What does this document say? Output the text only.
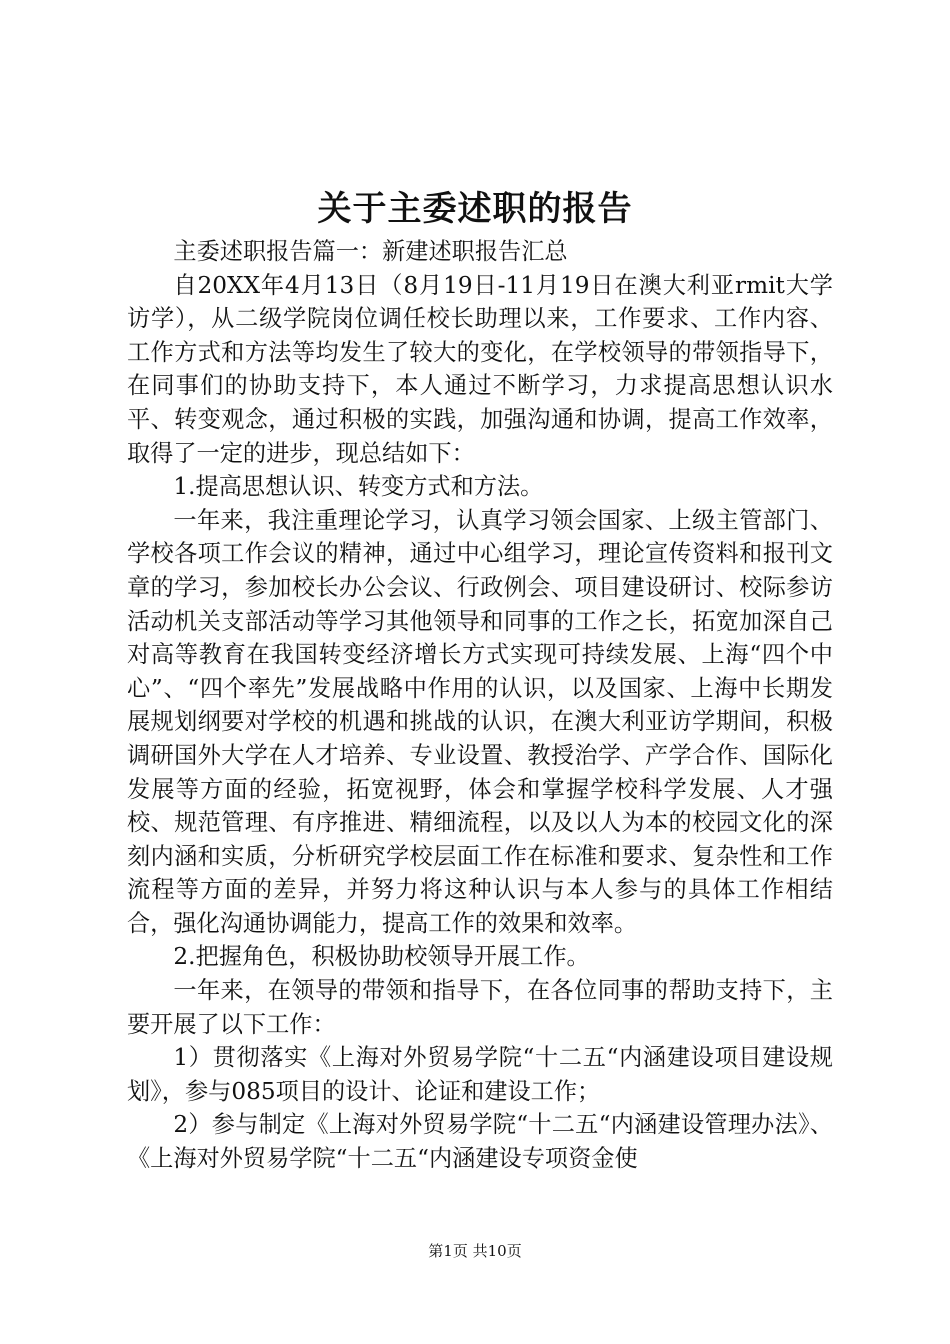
关于主委述职的报告

主委述职报告篇一：新建述职报告汇总

自20XX年4月13日（8月19日-11月19日在澳大利亚rmit大学访学），从二级学院岗位调任校长助理以来，工作要求、工作内容、工作方式和方法等均发生了较大的变化，在学校领导的带领指导下，在同事们的协助支持下，本人通过不断学习，力求提高思想认识水平、转变观念，通过积极的实践，加强沟通和协调，提高工作效率，取得了一定的进步，现总结如下：

1.提高思想认识、转变方式和方法。

一年来，我注重理论学习，认真学习领会国家、上级主管部门、学校各项工作会议的精神，通过中心组学习，理论宣传资料和报刊文章的学习，参加校长办公会议、行政例会、项目建设研讨、校际参访活动机关支部活动等学习其他领导和同事的工作之长，拓宽加深自己对高等教育在我国转变经济增长方式实现可持续发展、上海“四个中心”、“四个率先”发展战略中作用的认识，以及国家、上海中长期发展规划纲要对学校的机遇和挑战的认识，在澳大利亚访学期间，积极调研国外大学在人才培养、专业设置、教授治学、产学合作、国际化发展等方面的经验，拓宽视野，体会和掌握学校科学发展、人才强校、规范管理、有序推进、精细流程，以及以人为本的校园文化的深刻内涵和实质，分析研究学校层面工作在标准和要求、复杂性和工作流程等方面的差异，并努力将这种认识与本人参与的具体工作相结合，强化沟通协调能力，提高工作的效果和效率。

2.把握角色，积极协助校领导开展工作。

一年来，在领导的带领和指导下，在各位同事的帮助支持下，主要开展了以下工作：

1）贯彻落实《上海对外贸易学院“十二五“内涵建设项目建设规划》，参与085项目的设计、论证和建设工作；

2）参与制定《上海对外贸易学院“十二五“内涵建设管理办法》、《上海对外贸易学院“十二五“内涵建设专项资金使

第1页 共10页
